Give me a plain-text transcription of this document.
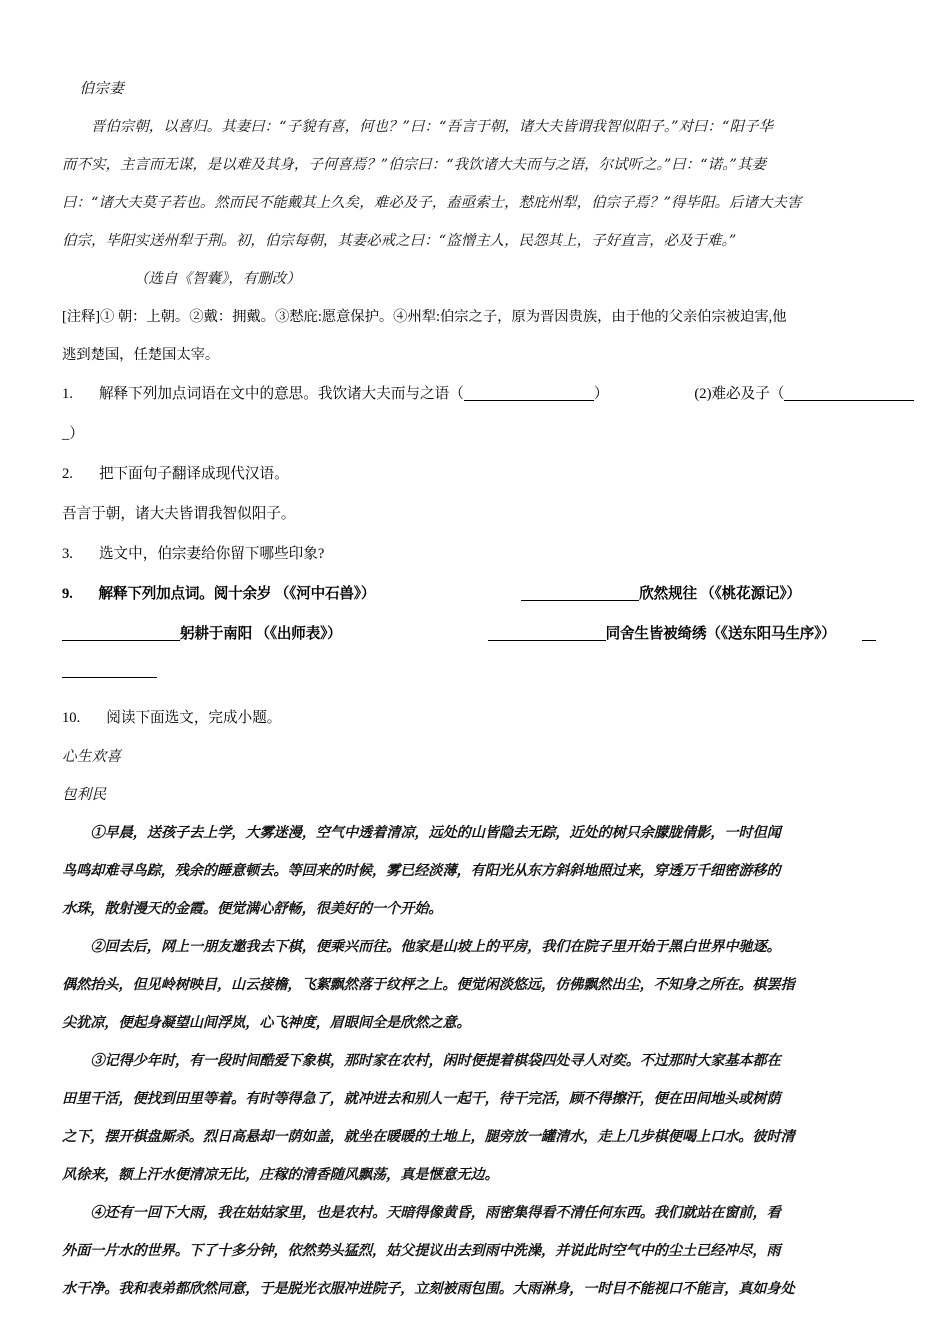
伯宗妻
晋伯宗朝，以喜归。其妻曰：“子貌有喜，何也？”曰：“吾言于朝，诸大夫皆谓我智似阳子。”对曰：“阳子华
而不实，主言而无谋，是以难及其身，子何喜焉？”伯宗曰：“我饮诸大夫而与之语，尔试听之。”曰：“诺。”其妻
曰：“诸大夫莫子若也。然而民不能戴其上久矣，难必及子，盍亟索士，慭庇州犁，伯宗子焉？”得毕阳。后诸大夫害
伯宗，毕阳实送州犁于荆。初，伯宗每朝，其妻必戒之曰：“盗憎主人，民怨其上，子好直言，必及于难。”
（选自《智囊》，有删改）
[注释]① 朝：上朝。②戴：拥戴。③慭庇:愿意保护。④州犁:伯宗之子，原为晋因贵族，由于他的父亲伯宗被迫害,他
逃到楚国，任楚国太宰。
1. 解释下列加点词语在文中的意思。我饮诸大夫而与之语（	）	(2)难必及子（
_）
2. 把下面句子翻译成现代汉语。
吾言于朝，诸大夫皆谓我智似阳子。
3. 选文中，伯宗妻给你留下哪些印象?
9. 解释下列加点词。阅十余岁 （《河中石兽》）	欣然规往 （《桃花源记》）
躬耕于南阳 （《出师表》）	同舍生皆被绮绣（《送东阳马生序》）
10. 阅读下面选文，完成小题。
心生欢喜
包利民
①早晨，送孩子去上学，大雾迷漫，空气中透着清凉，远处的山皆隐去无踪，近处的树只余朦胧倩影，一时但闻
鸟鸣却难寻鸟踪，残余的睡意顿去。等回来的时候，雾已经淡薄，有阳光从东方斜斜地照过来，穿透万千细密游移的
水珠，散射漫天的金霞。便觉满心舒畅，很美好的一个开始。
②回去后，网上一朋友邀我去下棋，便乘兴而往。他家是山坡上的平房，我们在院子里开始于黑白世界中驰逐。
偶然抬头，但见岭树映目，山云接檐，飞絮飘然落于纹枰之上。便觉闲淡悠远，仿佛飘然出尘，不知身之所在。棋罢指
尖犹凉，便起身凝望山间浮岚，心飞神度，眉眼间全是欣然之意。
③记得少年时，有一段时间酷爱下象棋，那时家在农村，闲时便提着棋袋四处寻人对奕。不过那时大家基本都在
田里干活，便找到田里等着。有时等得急了，就冲进去和别人一起干，待干完活，顾不得擦汗，便在田间地头或树荫
之下，摆开棋盘厮杀。烈日高悬却一荫如盖，就坐在暖暖的土地上，腿旁放一罐清水，走上几步棋便喝上口水。彼时清
风徐来，额上汗水便清凉无比，庄稼的清香随风飘荡，真是惬意无边。
④还有一回下大雨，我在姑姑家里，也是农村。天暗得像黄昏，雨密集得看不清任何东西。我们就站在窗前，看
外面一片水的世界。下了十多分钟，依然势头猛烈，姑父提议出去到雨中洗澡，并说此时空气中的尘土已经冲尽，雨
水干净。我和表弟都欣然同意，于是脱光衣服冲进院子，立刻被雨包围。大雨淋身，一时目不能视口不能言，真如身处
